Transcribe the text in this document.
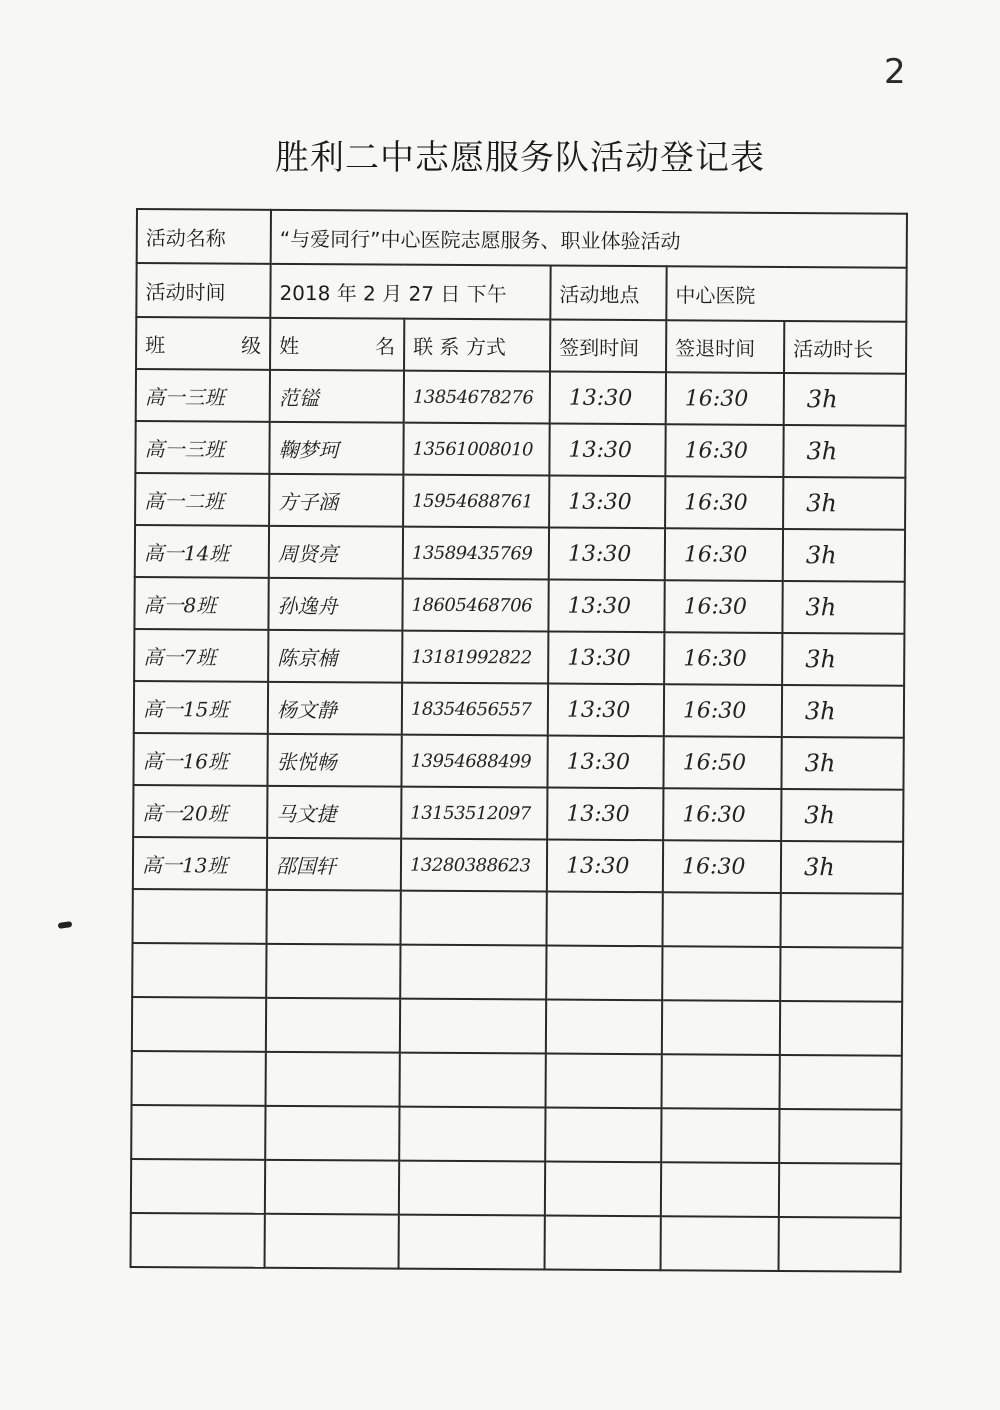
2
胜利二中志愿服务队活动登记表
活动名称	“与爱同行”中心医院志愿服务、职业体验活动				
活动时间	2018 年 2 月 27 日 下午		活动地点	中心医院	

班 级	姓 名	联 系 方式	签到时间	签退时间	活动时长
高一三班	范镒	13854678276	13:30	16:30	3h
高一三班	鞠梦珂	13561008010	13:30	16:30	3h
高一二班	方子涵	15954688761	13:30	16:30	3h
高一14班	周贤亮	13589435769	13:30	16:30	3h
高一8班	孙逸舟	18605468706	13:30	16:30	3h
高一7班	陈京楠	13181992822	13:30	16:30	3h
高一15班	杨文静	18354656557	13:30	16:30	3h
高一16班	张悦畅	13954688499	13:30	16:50	3h
高一20班	马文捷	13153512097	13:30	16:30	3h
高一13班	邵国轩	13280388623	13:30	16:30	3h
